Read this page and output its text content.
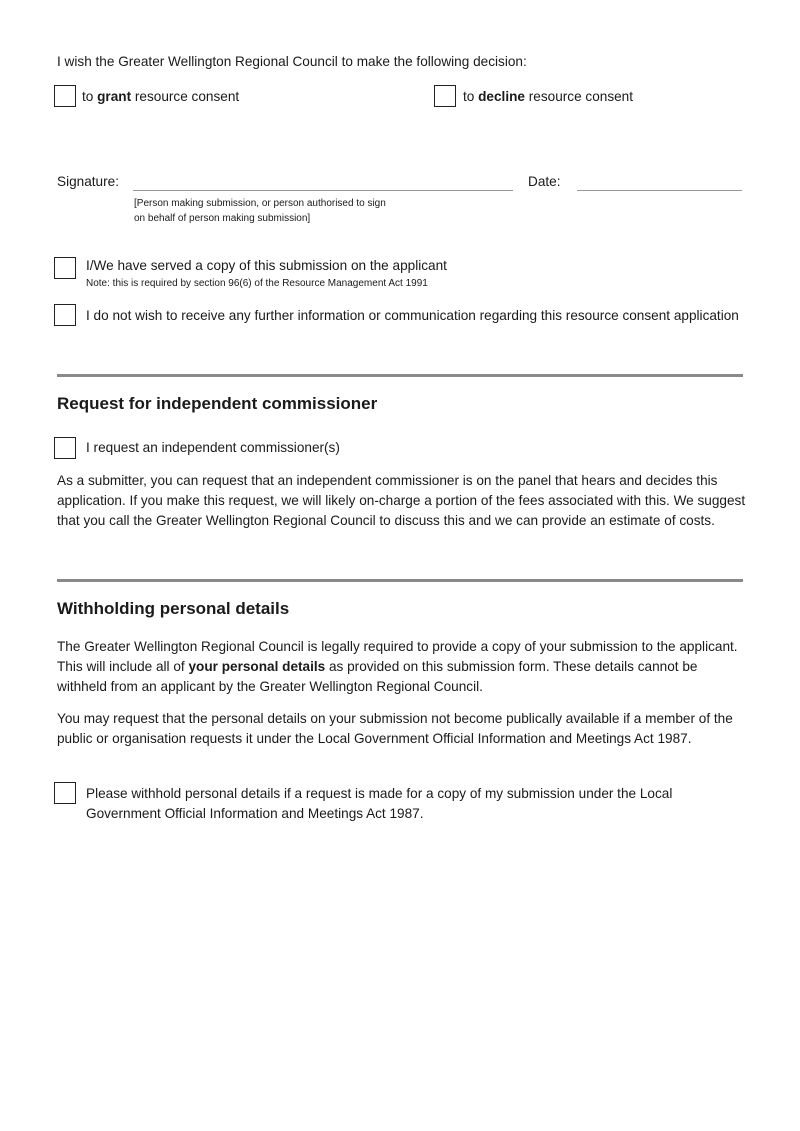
I wish the Greater Wellington Regional Council to make the following decision:
to grant resource consent	to decline resource consent
Signature:	Date:
[Person making submission, or person authorised to sign
on behalf of person making submission]
I/We have served a copy of this submission on the applicant
Note: this is required by section 96(6) of the Resource Management Act 1991
I do not wish to receive any further information or communication regarding this resource consent application
Request for independent commissioner
I request an independent commissioner(s)
As a submitter, you can request that an independent commissioner is on the panel that hears and decides this application. If you make this request, we will likely on-charge a portion of the fees associated with this. We suggest that you call the Greater Wellington Regional Council to discuss this and we can provide an estimate of costs.
Withholding personal details
The Greater Wellington Regional Council is legally required to provide a copy of your submission to the applicant. This will include all of your personal details as provided on this submission form. These details cannot be withheld from an applicant by the Greater Wellington Regional Council.
You may request that the personal details on your submission not become publically available if a member of the public or organisation requests it under the Local Government Official Information and Meetings Act 1987.
Please withhold personal details if a request is made for a copy of my submission under the Local Government Official Information and Meetings Act 1987.
